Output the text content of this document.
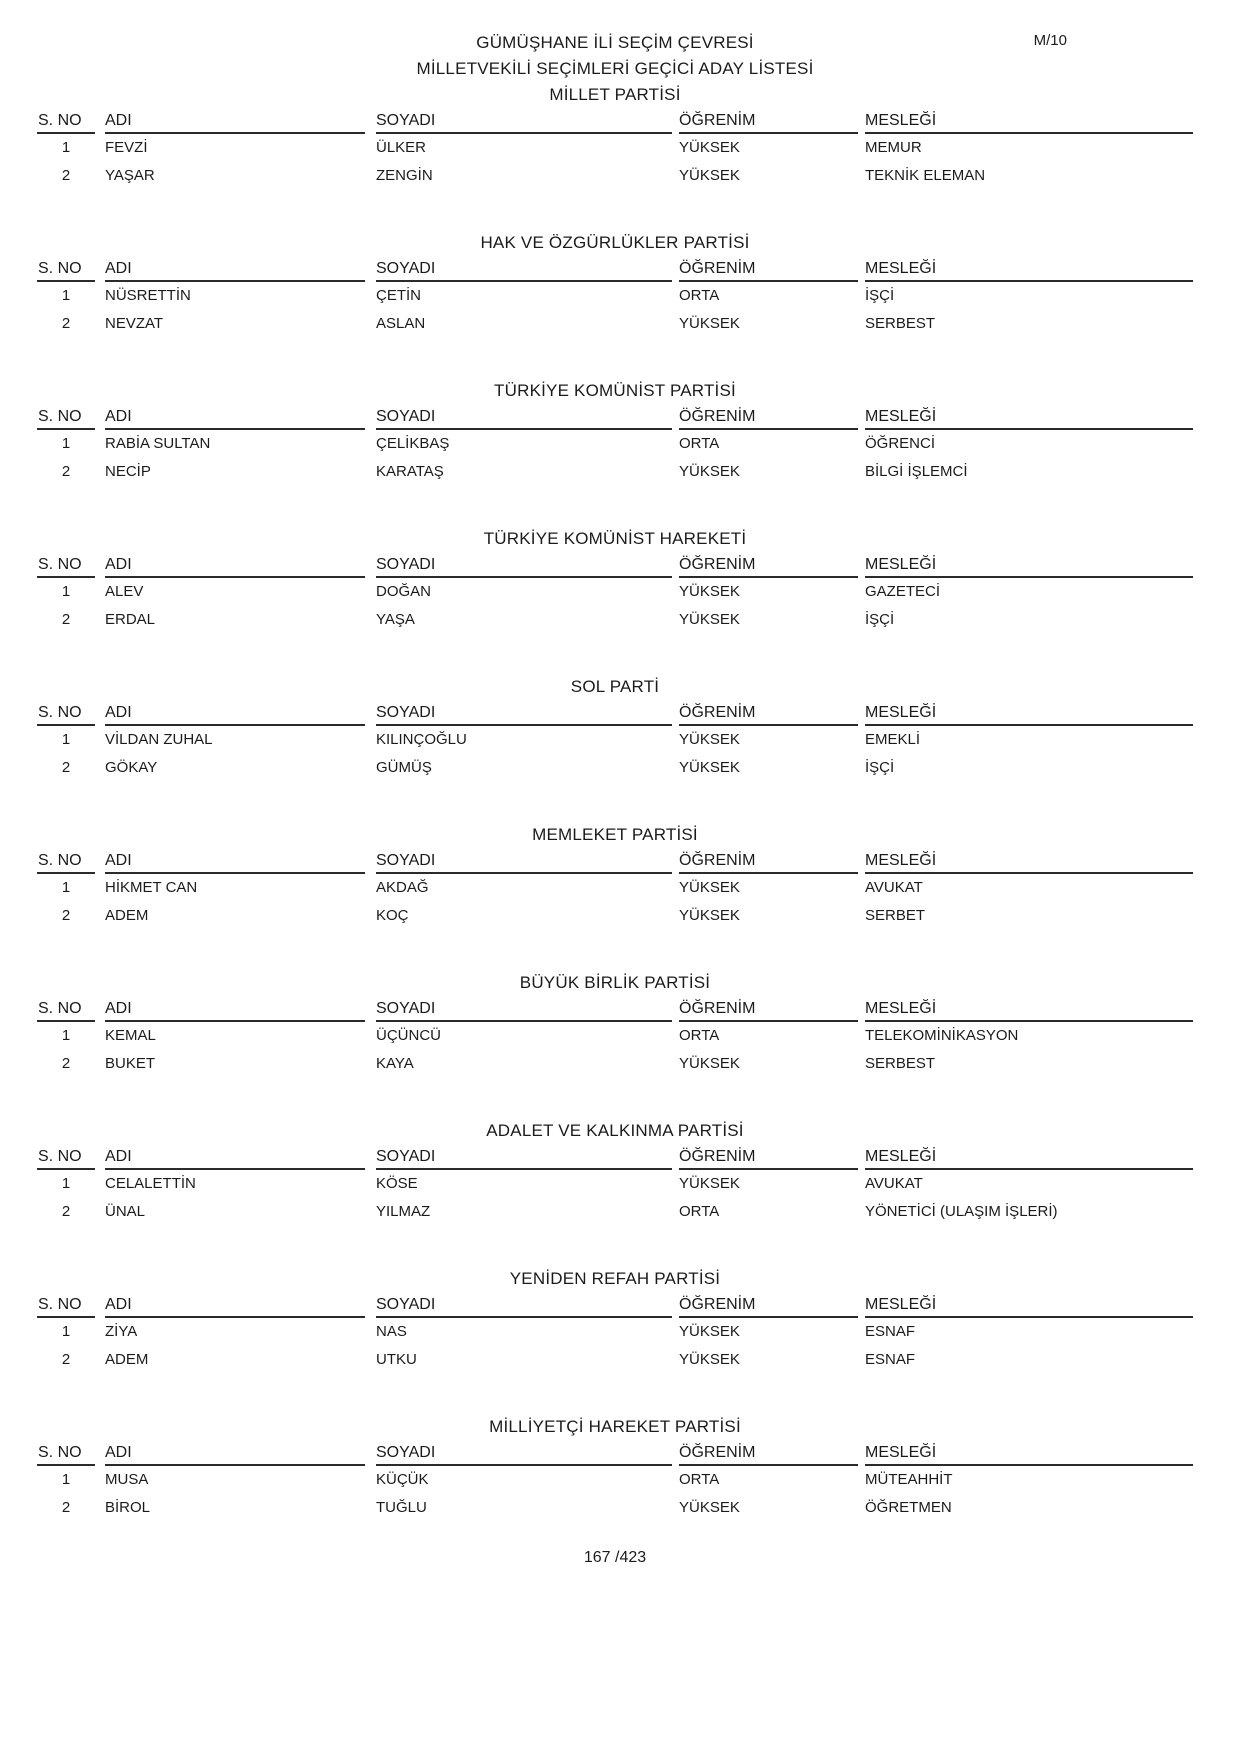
M/10
GÜMÜŞHANE İLİ SEÇİM ÇEVRESİ
MİLLETVEKİLİ SEÇİMLERİ GEÇİCİ ADAY LİSTESİ
MİLLET PARTİSİ
S. NO	ADI	SOYADI	ÖĞRENİM	MESLEĞİ
1	FEVZİ	ÜLKER	YÜKSEK	MEMUR
2	YAŞAR	ZENGİN	YÜKSEK	TEKNİK ELEMAN
HAK VE ÖZGÜRLÜKLER PARTİSİ
S. NO	ADI	SOYADI	ÖĞRENİM	MESLEĞİ
1	NÜSRETTİN	ÇETİN	ORTA	İŞÇİ
2	NEVZAT	ASLAN	YÜKSEK	SERBEST
TÜRKİYE KOMÜNİST PARTİSİ
S. NO	ADI	SOYADI	ÖĞRENİM	MESLEĞİ
1	RABİA SULTAN	ÇELİKBAŞ	ORTA	ÖĞRENCİ
2	NECİP	KARATAŞ	YÜKSEK	BİLGİ İŞLEMCİ
TÜRKİYE KOMÜNİST HAREKETİ
S. NO	ADI	SOYADI	ÖĞRENİM	MESLEĞİ
1	ALEV	DOĞAN	YÜKSEK	GAZETECİ
2	ERDAL	YAŞA	YÜKSEK	İŞÇİ
SOL PARTİ
S. NO	ADI	SOYADI	ÖĞRENİM	MESLEĞİ
1	VİLDAN ZUHAL	KILINÇOĞLU	YÜKSEK	EMEKLİ
2	GÖKAY	GÜMÜŞ	YÜKSEK	İŞÇİ
MEMLEKET PARTİSİ
S. NO	ADI	SOYADI	ÖĞRENİM	MESLEĞİ
1	HİKMET CAN	AKDAĞ	YÜKSEK	AVUKAT
2	ADEM	KOÇ	YÜKSEK	SERBET
BÜYÜK BİRLİK PARTİSİ
S. NO	ADI	SOYADI	ÖĞRENİM	MESLEĞİ
1	KEMAL	ÜÇÜNCÜ	ORTA	TELEKOMİNİKASYON
2	BUKET	KAYA	YÜKSEK	SERBEST
ADALET VE KALKINMA PARTİSİ
S. NO	ADI	SOYADI	ÖĞRENİM	MESLEĞİ
1	CELALETTİN	KÖSE	YÜKSEK	AVUKAT
2	ÜNAL	YILMAZ	ORTA	YÖNETİCİ (ULAŞIM İŞLERİ)
YENİDEN REFAH PARTİSİ
S. NO	ADI	SOYADI	ÖĞRENİM	MESLEĞİ
1	ZİYA	NAS	YÜKSEK	ESNAF
2	ADEM	UTKU	YÜKSEK	ESNAF
MİLLİYETÇİ HAREKET PARTİSİ
S. NO	ADI	SOYADI	ÖĞRENİM	MESLEĞİ
1	MUSA	KÜÇÜK	ORTA	MÜTEAHHİT
2	BİROL	TUĞLU	YÜKSEK	ÖĞRETMEN
167 /423
